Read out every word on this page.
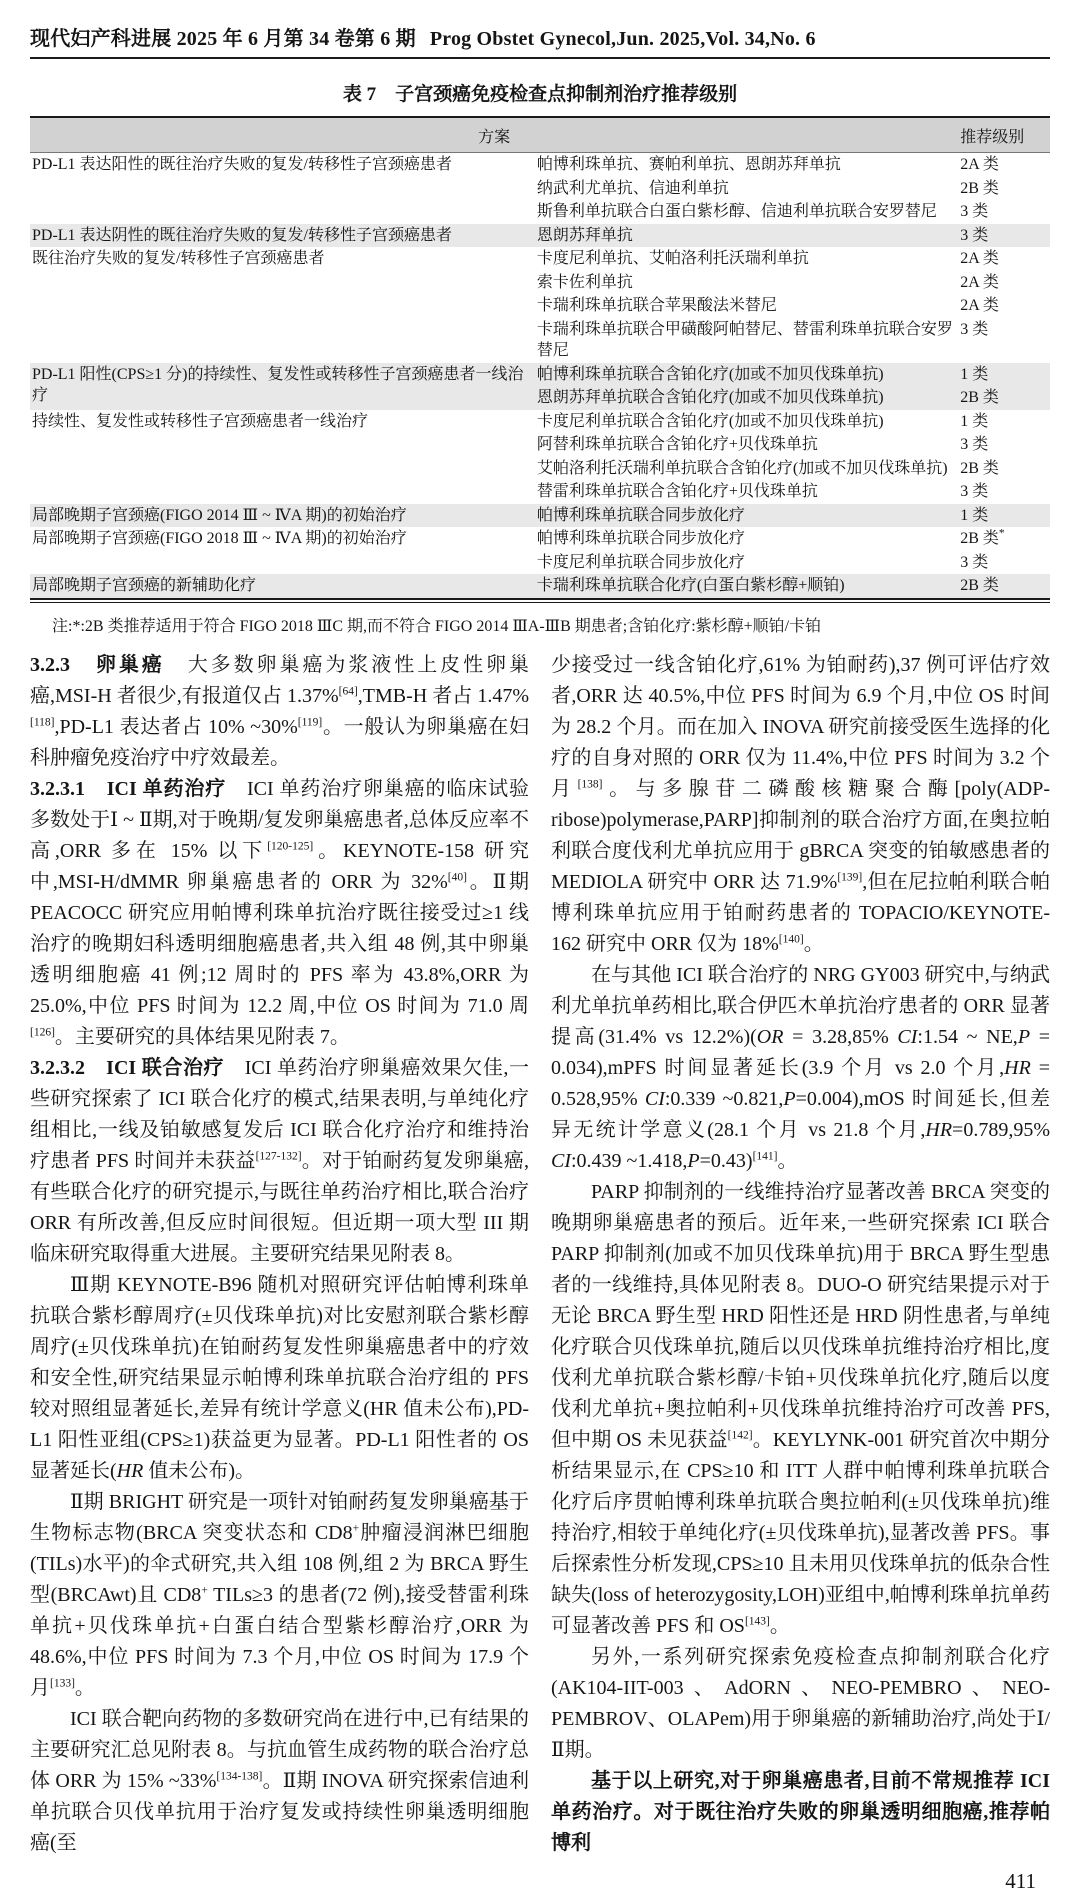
现代妇产科进展 2025 年 6 月第 34 卷第 6 期 Prog Obstet Gynecol,Jun. 2025,Vol. 34,No. 6
表 7　子宫颈癌免疫检查点抑制剂治疗推荐级别
方案		推荐级别
PD-L1 表达阳性的既往治疗失败的复发/转移性子宫颈癌患者	帕博利珠单抗、赛帕利单抗、恩朗苏拜单抗	2A 类
	纳武利尤单抗、信迪利单抗	2B 类
	斯鲁利单抗联合白蛋白紫杉醇、信迪利单抗联合安罗替尼	3 类
PD-L1 表达阴性的既往治疗失败的复发/转移性子宫颈癌患者	恩朗苏拜单抗	3 类
既往治疗失败的复发/转移性子宫颈癌患者	卡度尼利单抗、艾帕洛利托沃瑞利单抗	2A 类
	索卡佐利单抗	2A 类
	卡瑞利珠单抗联合苹果酸法米替尼	2A 类
	卡瑞利珠单抗联合甲磺酸阿帕替尼、替雷利珠单抗联合安罗替尼	3 类
PD-L1 阳性(CPS≥1 分)的持续性、复发性或转移性子宫颈癌患者一线治疗	帕博利珠单抗联合含铂化疗(加或不加贝伐珠单抗)	1 类
	恩朗苏拜单抗联合含铂化疗(加或不加贝伐珠单抗)	2B 类
持续性、复发性或转移性子宫颈癌患者一线治疗	卡度尼利单抗联合含铂化疗(加或不加贝伐珠单抗)	1 类
	阿替利珠单抗联合含铂化疗+贝伐珠单抗	3 类
	艾帕洛利托沃瑞利单抗联合含铂化疗(加或不加贝伐珠单抗)	2B 类
	替雷利珠单抗联合含铂化疗+贝伐珠单抗	3 类
局部晚期子宫颈癌(FIGO 2014 Ⅲ ~ ⅣA 期)的初始治疗	帕博利珠单抗联合同步放化疗	1 类
局部晚期子宫颈癌(FIGO 2018 Ⅲ ~ ⅣA 期)的初始治疗	帕博利珠单抗联合同步放化疗	2B 类*
	卡度尼利单抗联合同步放化疗	3 类
局部晚期子宫颈癌的新辅助化疗	卡瑞利珠单抗联合化疗(白蛋白紫杉醇+顺铂)	2B 类
注:*:2B 类推荐适用于符合 FIGO 2018 ⅢC 期,而不符合 FIGO 2014 ⅢA-ⅢB 期患者;含铂化疗:紫杉醇+顺铂/卡铂

3.2.3　卵巢癌　大多数卵巢癌为浆液性上皮性卵巢癌,MSI-H 者很少,有报道仅占 1.37%[64],TMB-H 者占 1.47%[118],PD-L1 表达者占 10% ~30%[119]。一般认为卵巢癌在妇科肿瘤免疫治疗中疗效最差。

3.2.3.1　ICI 单药治疗　ICI 单药治疗卵巢癌的临床试验多数处于Ⅰ ~ Ⅱ期,对于晚期/复发卵巢癌患者,总体反应率不高,ORR 多在 15% 以下[120-125]。KEYNOTE-158 研究中,MSI-H/dMMR 卵巢癌患者的 ORR 为 32%[40]。Ⅱ期 PEACOCC 研究应用帕博利珠单抗治疗既往接受过≥1 线治疗的晚期妇科透明细胞癌患者,共入组 48 例,其中卵巢透明细胞癌 41 例;12 周时的 PFS 率为 43.8%,ORR 为 25.0%,中位 PFS 时间为 12.2 周,中位 OS 时间为 71.0 周[126]。主要研究的具体结果见附表 7。

3.2.3.2　ICI 联合治疗　ICI 单药治疗卵巢癌效果欠佳,一些研究探索了 ICI 联合化疗的模式,结果表明,与单纯化疗组相比,一线及铂敏感复发后 ICI 联合化疗治疗和维持治疗患者 PFS 时间并未获益[127-132]。对于铂耐药复发卵巢癌,有些联合化疗的研究提示,与既往单药治疗相比,联合治疗 ORR 有所改善,但反应时间很短。但近期一项大型 III 期临床研究取得重大进展。主要研究结果见附表 8。

Ⅲ期 KEYNOTE-B96 随机对照研究评估帕博利珠单抗联合紫杉醇周疗(±贝伐珠单抗)对比安慰剂联合紫杉醇周疗(±贝伐珠单抗)在铂耐药复发性卵巢癌患者中的疗效和安全性,研究结果显示帕博利珠单抗联合治疗组的 PFS 较对照组显著延长,差异有统计学意义(HR 值未公布),PD-L1 阳性亚组(CPS≥1)获益更为显著。PD-L1 阳性者的 OS 显著延长(HR 值未公布)。

Ⅱ期 BRIGHT 研究是一项针对铂耐药复发卵巢癌基于生物标志物(BRCA 突变状态和 CD8+肿瘤浸润淋巴细胞(TILs)水平)的伞式研究,共入组 108 例,组 2 为 BRCA 野生型(BRCAwt)且 CD8+ TILs≥3 的患者(72 例),接受替雷利珠单抗+贝伐珠单抗+白蛋白结合型紫杉醇治疗,ORR 为 48.6%,中位 PFS 时间为 7.3 个月,中位 OS 时间为 17.9 个月[133]。

ICI 联合靶向药物的多数研究尚在进行中,已有结果的主要研究汇总见附表 8。与抗血管生成药物的联合治疗总体 ORR 为 15% ~33%[134-138]。Ⅱ期 INOVA 研究探索信迪利单抗联合贝伐单抗用于治疗复发或持续性卵巢透明细胞癌(至

少接受过一线含铂化疗,61% 为铂耐药),37 例可评估疗效者,ORR 达 40.5%,中位 PFS 时间为 6.9 个月,中位 OS 时间为 28.2 个月。而在加入 INOVA 研究前接受医生选择的化疗的自身对照的 ORR 仅为 11.4%,中位 PFS 时间为 3.2 个月[138]。与多腺苷二磷酸核糖聚合酶[poly(ADP-ribose)polymerase,PARP]抑制剂的联合治疗方面,在奥拉帕利联合度伐利尤单抗应用于 gBRCA 突变的铂敏感患者的 MEDIOLA 研究中 ORR 达 71.9%[139],但在尼拉帕利联合帕博利珠单抗应用于铂耐药患者的 TOPACIO/KEYNOTE-162 研究中 ORR 仅为 18%[140]。

在与其他 ICI 联合治疗的 NRG GY003 研究中,与纳武利尤单抗单药相比,联合伊匹木单抗治疗患者的 ORR 显著提高(31.4% vs 12.2%)(OR = 3.28,85% CI:1.54 ~ NE,P = 0.034),mPFS 时间显著延长(3.9 个月 vs 2.0 个月,HR = 0.528,95% CI:0.339 ~0.821,P=0.004),mOS 时间延长,但差异无统计学意义(28.1 个月 vs 21.8 个月,HR=0.789,95% CI:0.439 ~1.418,P=0.43)[141]。

PARP 抑制剂的一线维持治疗显著改善 BRCA 突变的晚期卵巢癌患者的预后。近年来,一些研究探索 ICI 联合 PARP 抑制剂(加或不加贝伐珠单抗)用于 BRCA 野生型患者的一线维持,具体见附表 8。DUO-O 研究结果提示对于无论 BRCA 野生型 HRD 阳性还是 HRD 阴性患者,与单纯化疗联合贝伐珠单抗,随后以贝伐珠单抗维持治疗相比,度伐利尤单抗联合紫杉醇/卡铂+贝伐珠单抗化疗,随后以度伐利尤单抗+奥拉帕利+贝伐珠单抗维持治疗可改善 PFS,但中期 OS 未见获益[142]。KEYLYNK-001 研究首次中期分析结果显示,在 CPS≥10 和 ITT 人群中帕博利珠单抗联合化疗后序贯帕博利珠单抗联合奥拉帕利(±贝伐珠单抗)维持治疗,相较于单纯化疗(±贝伐珠单抗),显著改善 PFS。事后探索性分析发现,CPS≥10 且未用贝伐珠单抗的低杂合性缺失(loss of heterozygosity,LOH)亚组中,帕博利珠单抗单药可显著改善 PFS 和 OS[143]。

另外,一系列研究探索免疫检查点抑制剂联合化疗(AK104-IIT-003、AdORN、NEO-PEMBRO、NEO-PEMBROV、OLAPem)用于卵巢癌的新辅助治疗,尚处于Ⅰ/Ⅱ期。

基于以上研究,对于卵巢癌患者,目前不常规推荐 ICI 单药治疗。对于既往治疗失败的卵巢透明细胞癌,推荐帕博利

411
